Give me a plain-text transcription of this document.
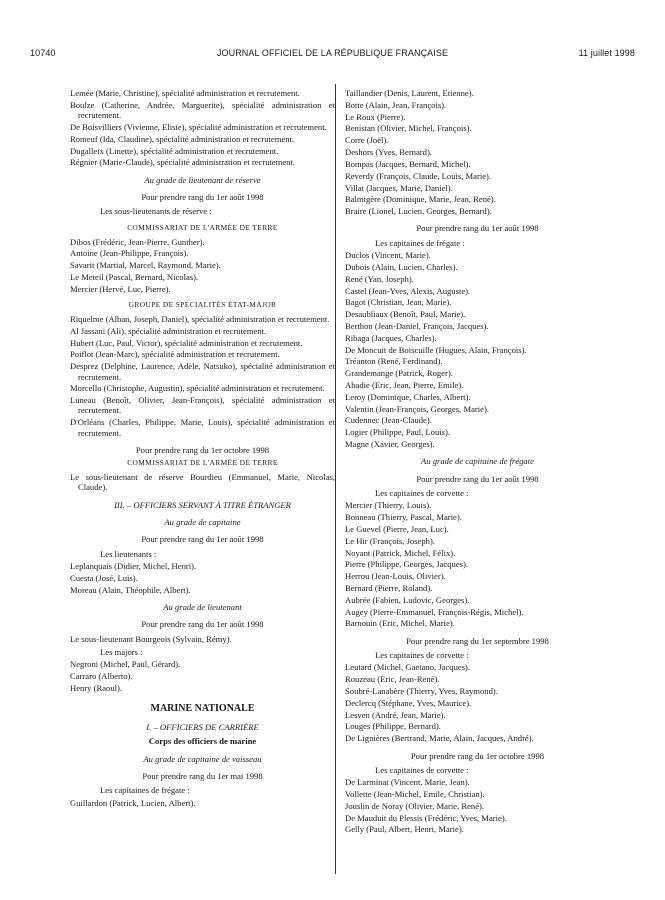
10740	JOURNAL OFFICIEL DE LA RÉPUBLIQUE FRANÇAISE	11 juillet 1998
Lemée (Marie, Christine), spécialité administration et recrutement.
Boulze (Catherine, Andrée, Marguerite), spécialité administration et recrutement.
De Boisvilliers (Vivienne, Elisie), spécialité administration et recrutement.
Romeuf (Ida, Claudine), spécialité administration et recrutement.
Dugalleix (Linette), spécialité administration et recrutement.
Régnier (Marie-Claude), spécialité administration et recrutement.
Au grade de lieutenant de réserve
Pour prendre rang du 1er août 1998
Les sous-lieutenants de réserve :
COMMISSARIAT DE L'ARMÉE DE TERRE
Dibos (Frédéric, Jean-Pierre, Gunther).
Antoine (Jean-Philippe, François).
Savarit (Martial, Marcel, Raymond, Marie).
Le Meteil (Pascal, Bernard, Nicolas).
Mercier (Hervé, Luc, Pierre).
GROUPE DE SPÉCIALITÉS ÉTAT-MAJOR
Riquelme (Alban, Joseph, Daniel), spécialité administration et recrutement.
Al Jassani (Ali), spécialité administration et recrutement.
Hubert (Luc, Paul, Victor), spécialité administration et recrutement.
Poiflot (Jean-Marc), spécialité administration et recrutement.
Desprez (Delphine, Laurence, Adèle, Natsuko), spécialité administration et recrutement.
Morcello (Christophe, Augustin), spécialité administration et recrutement.
Luneau (Benoît, Olivier, Jean-François), spécialité administration et recrutement.
D'Orléans (Charles, Philippe, Marie, Louis), spécialité administration et recrutement.
Pour prendre rang du 1er octobre 1998
COMMISSARIAT DE L'ARMÉE DE TERRE
Le sous-lieutenant de réserve Bourdieu (Emmanuel, Marie, Nicolas, Claude).
III. – OFFICIERS SERVANT À TITRE ÉTRANGER
Au grade de capitaine
Pour prendre rang du 1er août 1998
Les lieutenants :
Leplanquais (Didier, Michel, Henri).
Cuesta (José, Luis).
Moreau (Alain, Théophile, Albert).
Au grade de lieutenant
Pour prendre rang du 1er août 1998
Le sous-lieutenant Bourgeois (Sylvain, Rémy).
Les majors :
Negroni (Michel, Paul, Gérard).
Carraro (Alberto).
Henry (Raoul).
MARINE NATIONALE
I. – OFFICIERS DE CARRIÈRE
Corps des officiers de marine
Au grade de capitaine de vaisseau
Pour prendre rang du 1er mai 1998
Les capitaines de frégate :
Guillardon (Patrick, Lucien, Albert).
Taillandier (Denis, Laurent, Etienne).
Botte (Alain, Jean, François).
Le Roux (Pierre).
Benistan (Olivier, Michel, François).
Corre (Joël).
Deshors (Yves, Bernard).
Bompas (Jacques, Bernard, Michel).
Reverdy (François, Claude, Louis, Marie).
Villat (Jacques, Marie, Daniel).
Balmigère (Dominique, Marie, Jean, René).
Braire (Lionel, Lucien, Georges, Bernard).
Pour prendre rang du 1er août 1998
Les capitaines de frégate :
Duclos (Vincent, Marie).
Dubois (Alain, Lucien, Charles).
René (Yan, Joseph).
Castel (Jean-Yves, Alexis, Auguste).
Bagot (Christian, Jean, Marie).
Desaubliaux (Benoît, Paul, Marie).
Berthon (Jean-Daniel, François, Jacques).
Ribaga (Jacques, Charles).
De Moncuit de Boiscuille (Hugues, Alain, François).
Tréanton (René, Ferdinand).
Grandemange (Patrick, Roger).
Abadie (Eric, Jean, Pierre, Emile).
Leroy (Dominique, Charles, Albert).
Valentin (Jean-François, Georges, Marie).
Cudennec (Jean-Claude).
Logier (Philippe, Paul, Louis).
Magne (Xavier, Georges).
Au grade de capitaine de frégate
Pour prendre rang du 1er août 1998
Les capitaines de corvette :
Mercier (Thierry, Louis).
Bonneau (Thierry, Pascal, Marie).
Le Guevel (Pierre, Jean, Luc).
Le Hir (François, Joseph).
Noyant (Patrick, Michel, Félix).
Pierre (Philippe, Georges, Jacques).
Herrou (Jean-Louis, Olivier).
Bernard (Pierre, Roland).
Aubrée (Fabien, Ludovic, Georges).
Augey (Pierre-Emmanuel, François-Régis, Michel).
Barnouin (Eric, Michel, Marie).
Pour prendre rang du 1er septembre 1998
Les capitaines de corvette :
Leutard (Michel, Gaetano, Jacques).
Rouzeau (Eric, Jean-René).
Soubré-Lanabère (Thierry, Yves, Raymond).
Declercq (Stéphane, Yves, Maurice).
Lesven (André, Jean, Marie).
Louges (Philippe, Bernard).
De Lignières (Bertrand, Marie, Alain, Jacques, André).
Pour prendre rang du 1er octobre 1998
Les capitaines de corvette :
De Larminat (Vincent, Marie, Jean).
Vollette (Jean-Michel, Emile, Christian).
Jouslin de Noray (Olivier, Marie, René).
De Mauduit du Plessis (Frédéric, Yves, Marie).
Gelly (Paul, Albert, Henri, Marie).
